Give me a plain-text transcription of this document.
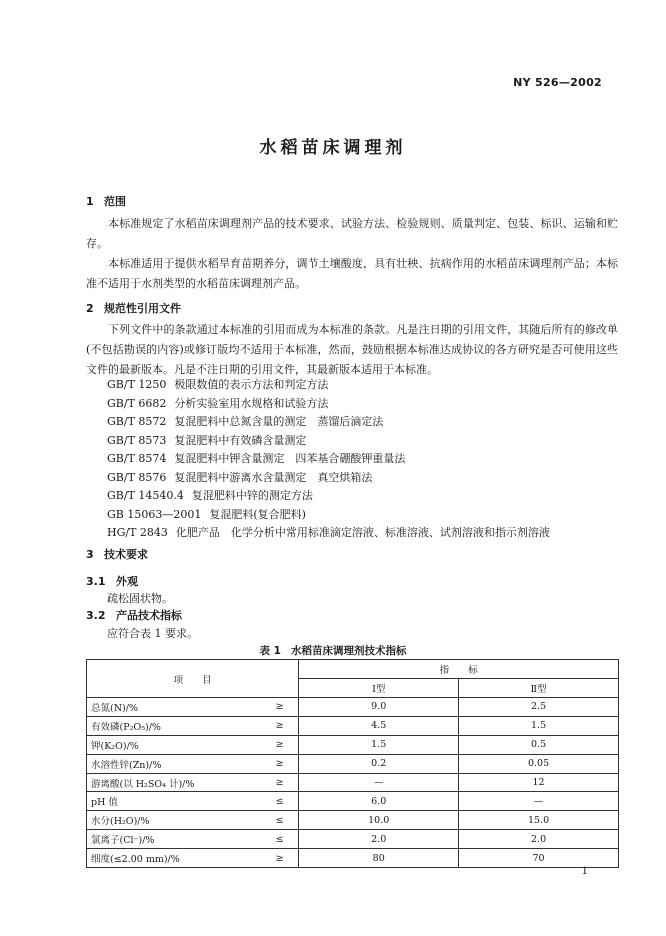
NY 526—2002
水稻苗床调理剂
1 范围
本标准规定了水稻苗床调理剂产品的技术要求、试验方法、检验规则、质量判定、包装、标识、运输和贮存。
本标准适用于提供水稻旱育苗期养分，调节土壤酸度，具有壮秧、抗病作用的水稻苗床调理剂产品；本标准不适用于水剂类型的水稻苗床调理剂产品。
2 规范性引用文件
下列文件中的条款通过本标准的引用而成为本标准的条款。凡是注日期的引用文件，其随后所有的修改单(不包括勘误的内容)或修订版均不适用于本标准，然而，鼓励根据本标准达成协议的各方研究是否可使用这些文件的最新版本。凡是不注日期的引用文件，其最新版本适用于本标准。
GB/T 1250 极限数值的表示方法和判定方法
GB/T 6682 分析实验室用水规格和试验方法
GB/T 8572 复混肥料中总氮含量的测定　蒸馏后滴定法
GB/T 8573 复混肥料中有效磷含量测定
GB/T 8574 复混肥料中钾含量测定　四苯基合硼酸钾重量法
GB/T 8576 复混肥料中游离水含量测定　真空烘箱法
GB/T 14540.4 复混肥料中锌的测定方法
GB 15063—2001 复混肥料(复合肥料)
HG/T 2843 化肥产品　化学分析中常用标准滴定溶液、标准溶液、试剂溶液和指示剂溶液
3 技术要求
3.1 外观
疏松固状物。
3.2 产品技术指标
应符合表 1 要求。
表 1 水稻苗床调理剂技术指标
项　　目		指　　标	
		Ⅰ型	Ⅱ型
总氮(N)/%	≥	9.0	2.5
有效磷(P₂O₅)/%	≥	4.5	1.5
钾(K₂O)/%	≥	1.5	0.5
水溶性锌(Zn)/%	≥	0.2	0.05
游离酸(以 H₂SO₄ 计)/%	≥	—	12
pH 值	≤	6.0	—
水分(H₂O)/%	≤	10.0	15.0
氯离子(Cl⁻)/%	≤	2.0	2.0
细度(≤2.00 mm)/%	≥	80	70
1
